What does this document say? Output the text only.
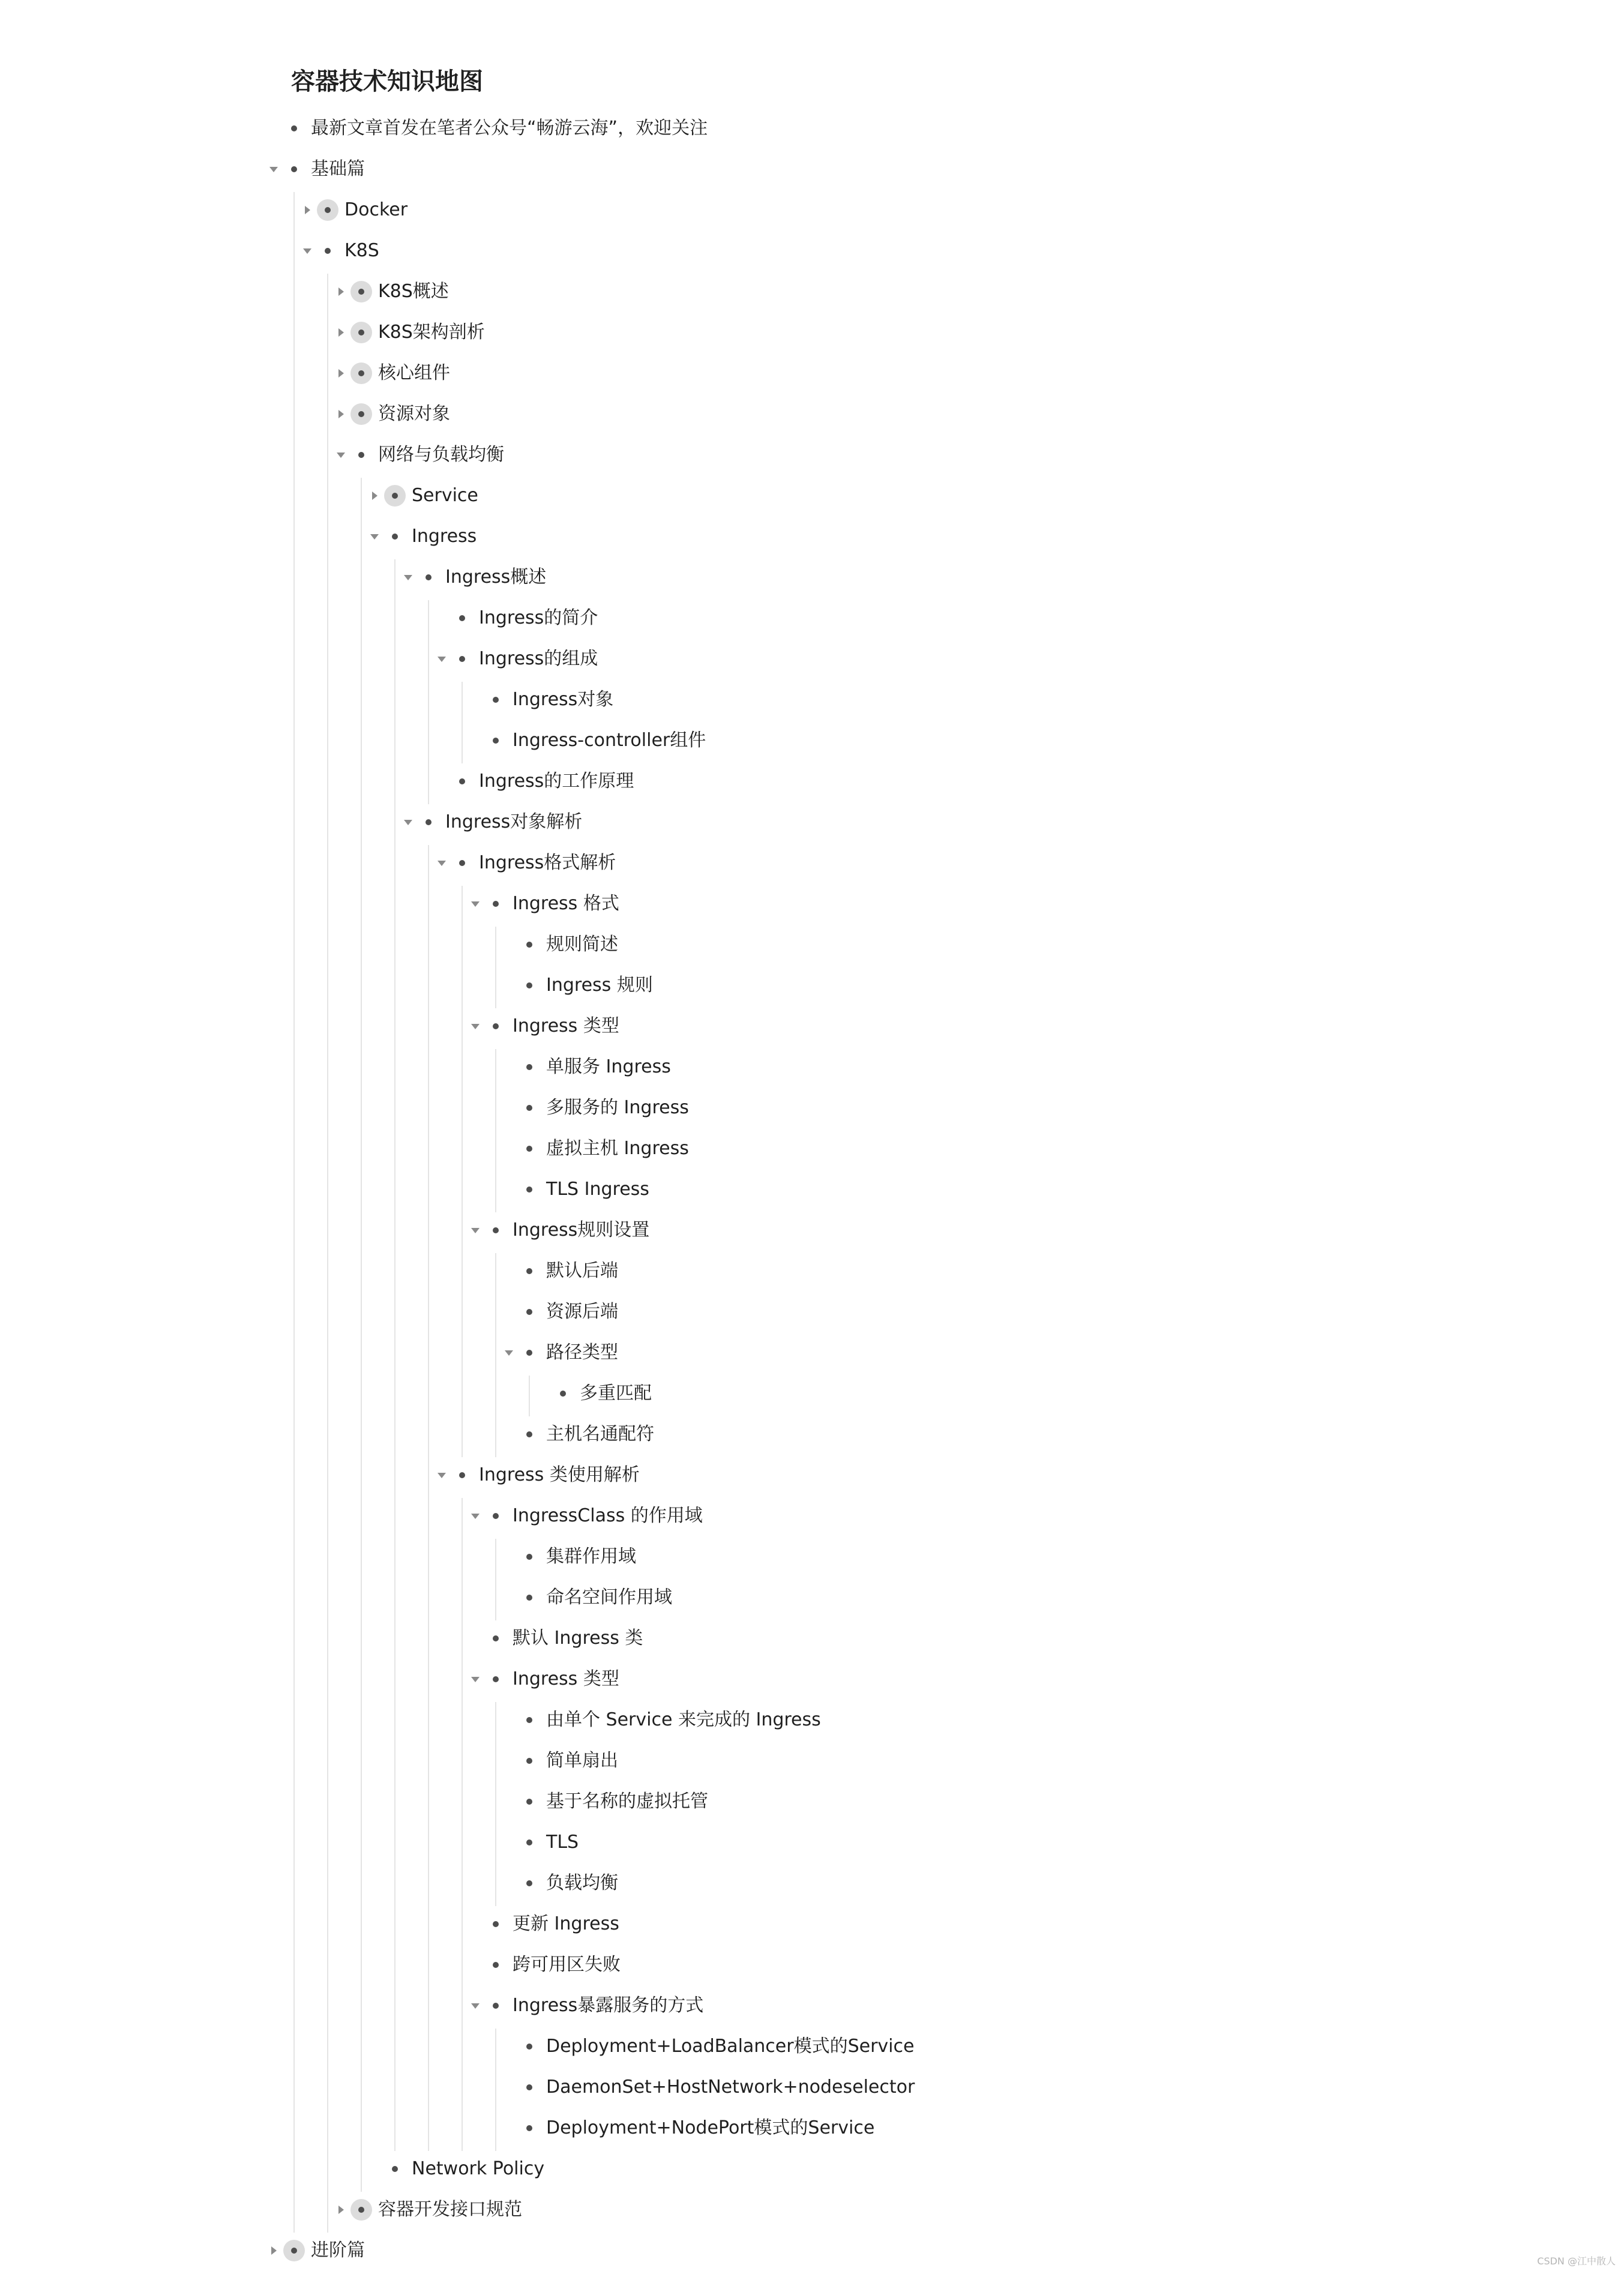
容器技术知识地图
最新文章首发在笔者公众号“畅游云海”，欢迎关注
基础篇
Docker
K8S
K8S概述
K8S架构剖析
核心组件
资源对象
网络与负载均衡
Service
Ingress
Ingress概述
Ingress的简介
Ingress的组成
Ingress对象
Ingress-controller组件
Ingress的工作原理
Ingress对象解析
Ingress格式解析
Ingress 格式
规则简述
Ingress 规则
Ingress 类型
单服务 Ingress
多服务的 Ingress
虚拟主机 Ingress
TLS Ingress
Ingress规则设置
默认后端
资源后端
路径类型
多重匹配
主机名通配符
Ingress 类使用解析
IngressClass 的作用域
集群作用域
命名空间作用域
默认 Ingress 类
Ingress 类型
由单个 Service 来完成的 Ingress
简单扇出
基于名称的虚拟托管
TLS
负载均衡
更新 Ingress
跨可用区失败
Ingress暴露服务的方式
Deployment+LoadBalancer模式的Service
DaemonSet+HostNetwork+nodeselector
Deployment+NodePort模式的Service
Network Policy
容器开发接口规范
进阶篇
CSDN @江中散人
